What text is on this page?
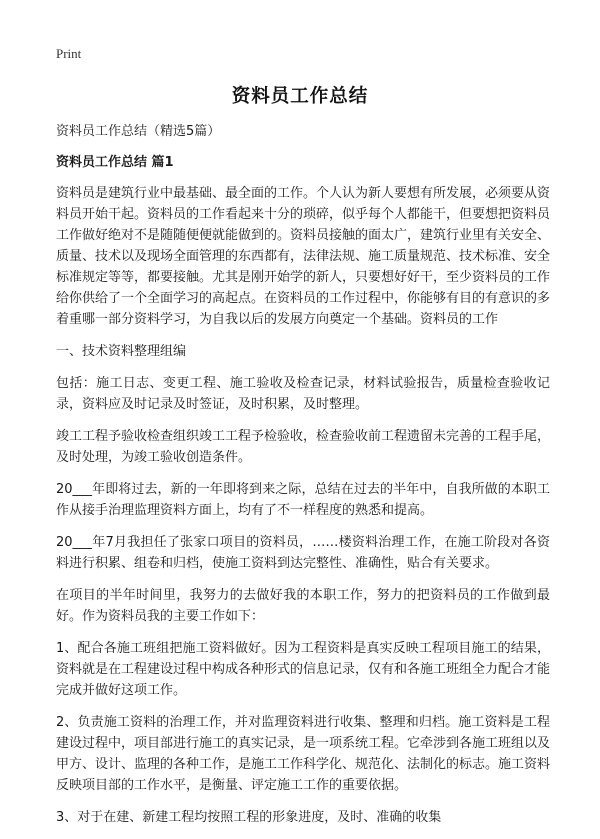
Print
资料员工作总结

资料员工作总结（精选5篇）

资料员工作总结 篇1

资料员是建筑行业中最基础、最全面的工作。个人认为新人要想有所发展，必须要从资料员开始干起。资料员的工作看起来十分的琐碎，似乎每个人都能干，但要想把资料员工作做好绝对不是随随便便就能做到的。资料员接触的面太广，建筑行业里有关安全、质量、技术以及现场全面管理的东西都有，法律法规、施工质量规范、技术标准、安全标准规定等等，都要接触。尤其是刚开始学的新人，只要想好好干，至少资料员的工作给你供给了一个全面学习的高起点。在资料员的工作过程中，你能够有目的有意识的多着重哪一部分资料学习，为自我以后的发展方向奠定一个基础。资料员的工作

一、技术资料整理组编

包括：施工日志、变更工程、施工验收及检查记录，材料试验报告，质量检查验收记录，资料应及时记录及时签证，及时积累，及时整理。

竣工工程予验收检查组织竣工工程予检验收，检查验收前工程遗留未完善的工程手尾，及时处理，为竣工验收创造条件。

20___年即将过去，新的一年即将到来之际，总结在过去的半年中，自我所做的本职工作从接手治理监理资料方面上，均有了不一样程度的熟悉和提高。

20___年7月我担任了张家口项目的资料员，……楼资料治理工作，在施工阶段对各资料进行积累、组卷和归档，使施工资料到达完整性、准确性，贴合有关要求。

在项目的半年时间里，我努力的去做好我的本职工作，努力的把资料员的工作做到最好。作为资料员我的主要工作如下：

1、配合各施工班组把施工资料做好。因为工程资料是真实反映工程项目施工的结果，资料就是在工程建设过程中构成各种形式的信息记录，仅有和各施工班组全力配合才能完成并做好这项工作。

2、负责施工资料的治理工作，并对监理资料进行收集、整理和归档。施工资料是工程建设过程中，项目部进行施工的真实记录，是一项系统工程。它牵涉到各施工班组以及甲方、设计、监理的各种工作，是施工工作科学化、规范化、法制化的标志。施工资料反映项目部的工作水平，是衡量、评定施工工作的重要依据。

3、对于在建、新建工程均按照工程的形象进度，及时、准确的收集
